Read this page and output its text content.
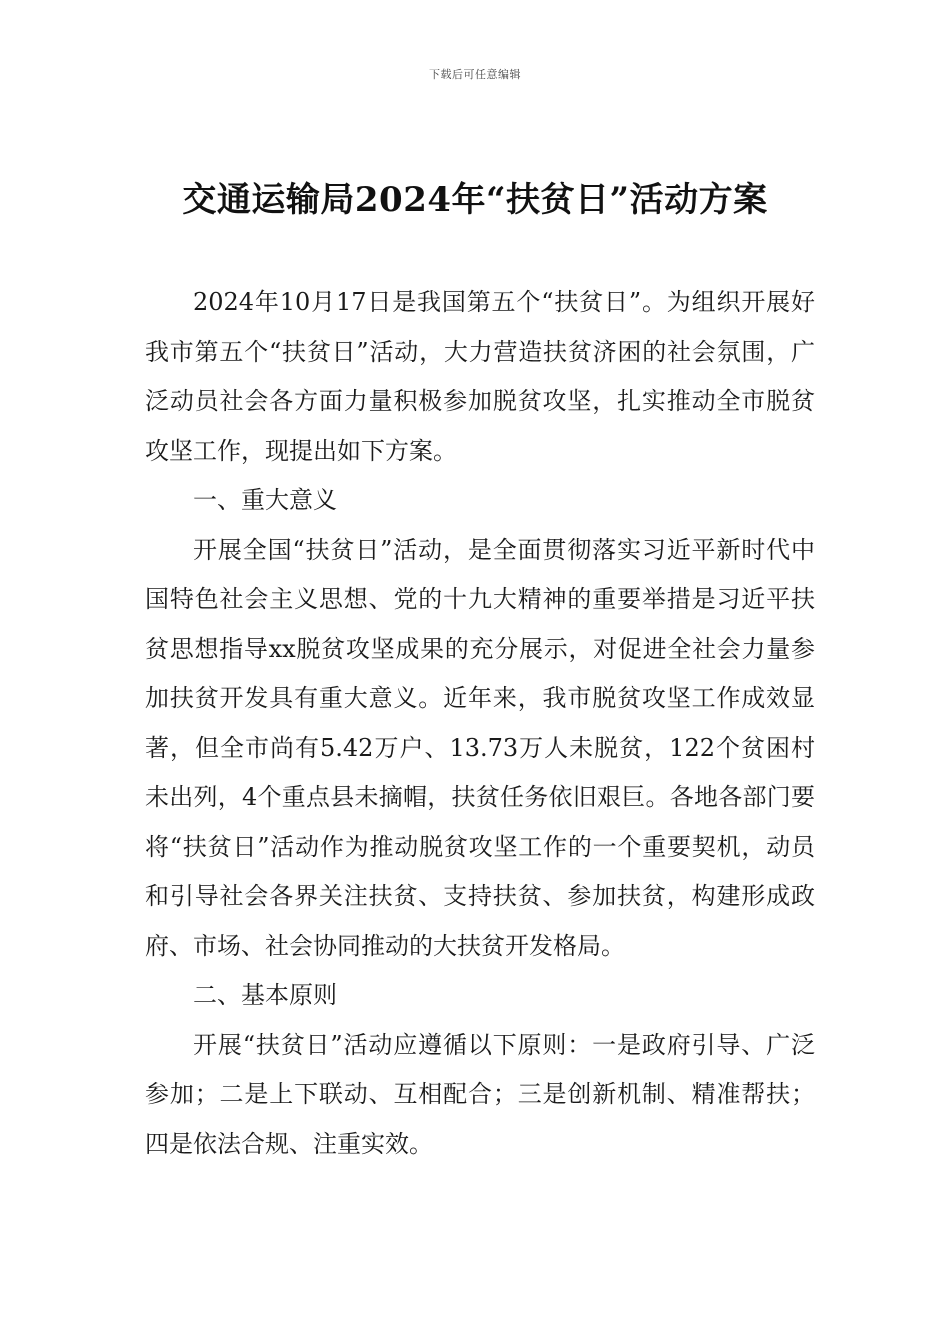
下载后可任意编辑
交通运输局2024年“扶贫日”活动方案

2024年10月17日是我国第五个“扶贫日”。为组织开展好我市第五个“扶贫日”活动，大力营造扶贫济困的社会氛围，广泛动员社会各方面力量积极参加脱贫攻坚，扎实推动全市脱贫攻坚工作，现提出如下方案。

一、重大意义

开展全国“扶贫日”活动，是全面贯彻落实习近平新时代中国特色社会主义思想、党的十九大精神的重要举措是习近平扶贫思想指导xx脱贫攻坚成果的充分展示，对促进全社会力量参加扶贫开发具有重大意义。近年来，我市脱贫攻坚工作成效显著，但全市尚有5.42万户、13.73万人未脱贫，122个贫困村未出列，4个重点县未摘帽，扶贫任务依旧艰巨。各地各部门要将“扶贫日”活动作为推动脱贫攻坚工作的一个重要契机，动员和引导社会各界关注扶贫、支持扶贫、参加扶贫，构建形成政府、市场、社会协同推动的大扶贫开发格局。

二、基本原则

开展“扶贫日”活动应遵循以下原则：一是政府引导、广泛参加；二是上下联动、互相配合；三是创新机制、精准帮扶；四是依法合规、注重实效。
